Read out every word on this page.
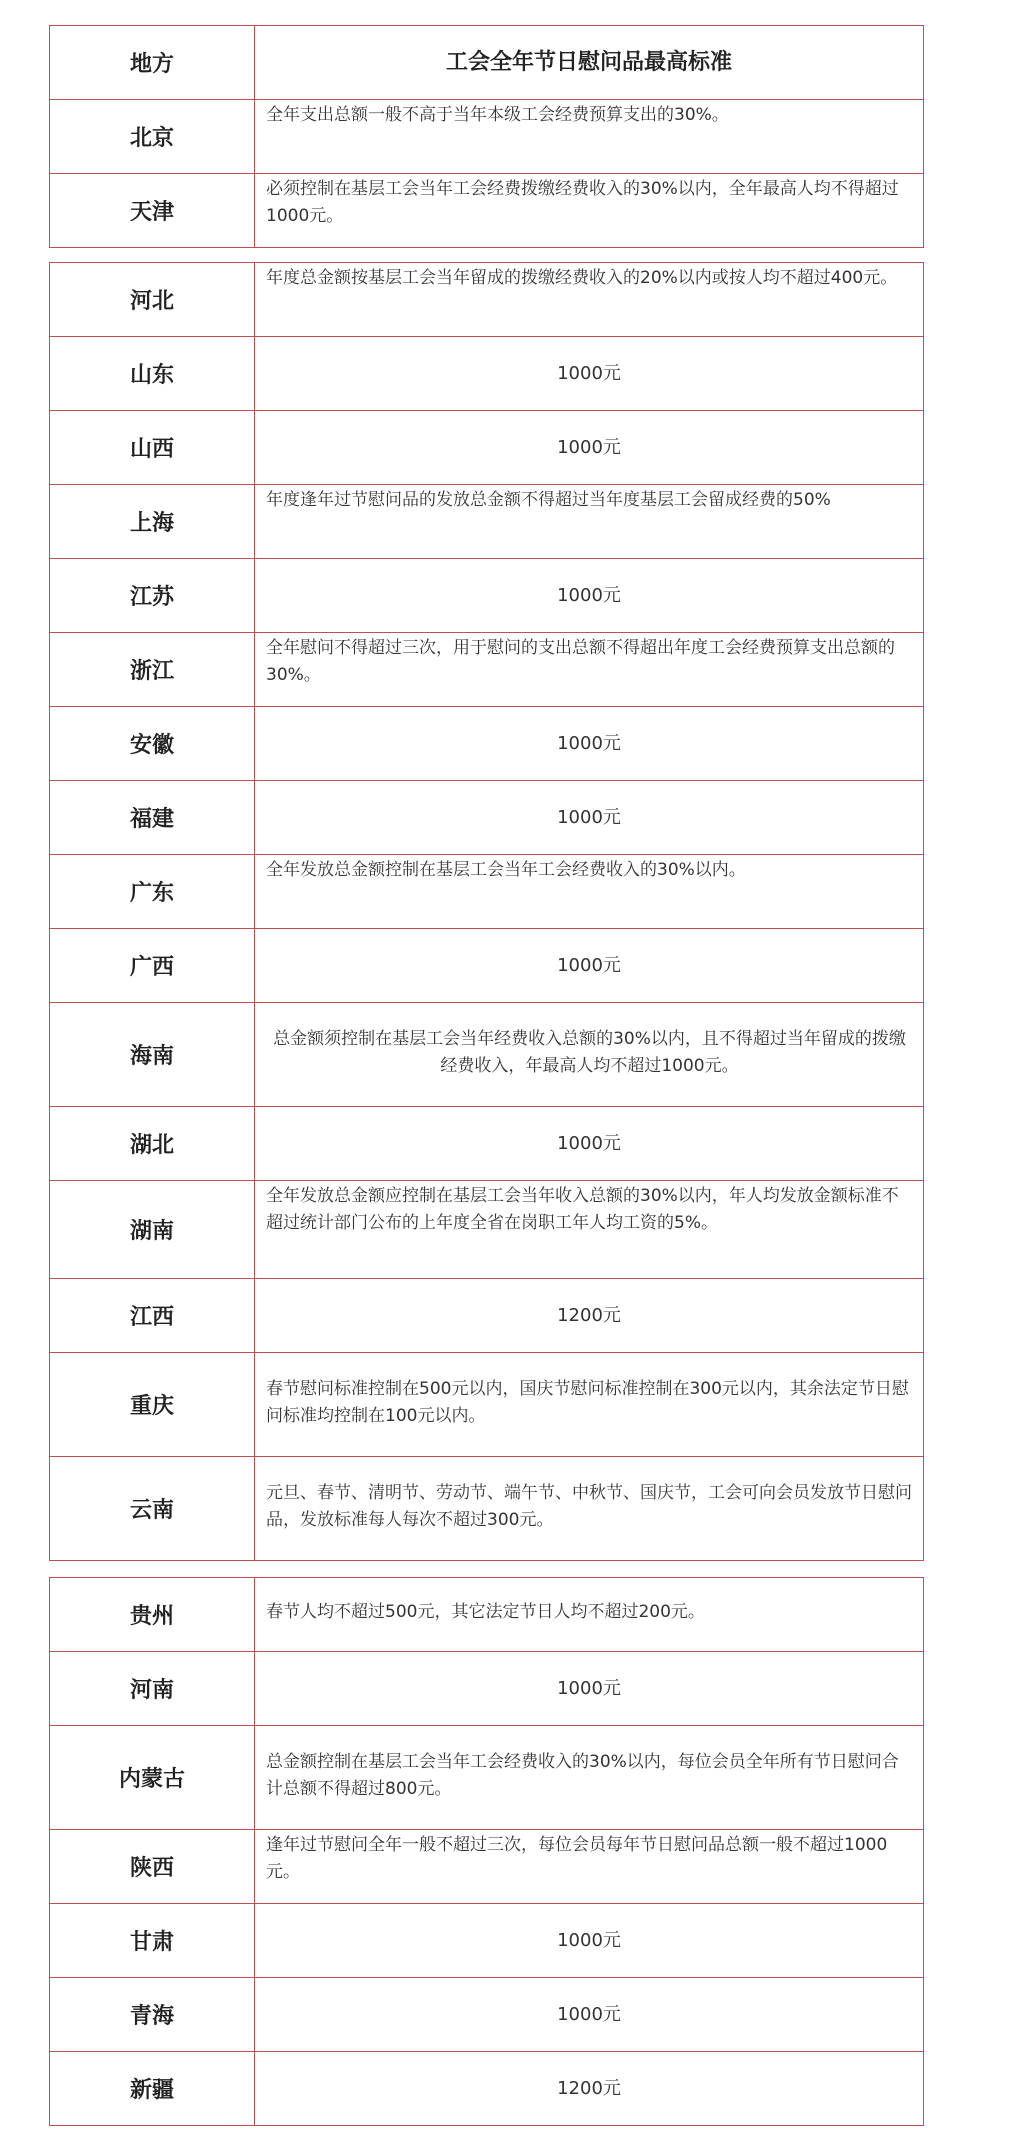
地方	工会全年节日慰问品最高标准
北京	全年支出总额一般不高于当年本级工会经费预算支出的30%。
天津	必须控制在基层工会当年工会经费拨缴经费收入的30%以内，全年最高人均不得超过1000元。
河北	年度总金额按基层工会当年留成的拨缴经费收入的20%以内或按人均不超过400元。
山东	1000元
山西	1000元
上海	年度逢年过节慰问品的发放总金额不得超过当年度基层工会留成经费的50%
江苏	1000元
浙江	全年慰问不得超过三次，用于慰问的支出总额不得超出年度工会经费预算支出总额的30%。
安徽	1000元
福建	1000元
广东	全年发放总金额控制在基层工会当年工会经费收入的30%以内。
广西	1000元
海南	总金额须控制在基层工会当年经费收入总额的30%以内，且不得超过当年留成的拨缴经费收入，年最高人均不超过1000元。
湖北	1000元
湖南	全年发放总金额应控制在基层工会当年收入总额的30%以内，年人均发放金额标准不超过统计部门公布的上年度全省在岗职工年人均工资的5%。
江西	1200元
重庆	春节慰问标准控制在500元以内，国庆节慰问标准控制在300元以内，其余法定节日慰问标准均控制在100元以内。
云南	元旦、春节、清明节、劳动节、端午节、中秋节、国庆节，工会可向会员发放节日慰问品，发放标准每人每次不超过300元。
贵州	春节人均不超过500元，其它法定节日人均不超过200元。
河南	1000元
内蒙古	总金额控制在基层工会当年工会经费收入的30%以内，每位会员全年所有节日慰问合计总额不得超过800元。
陕西	逢年过节慰问全年一般不超过三次，每位会员每年节日慰问品总额一般不超过1000元。
甘肃	1000元
青海	1000元
新疆	1200元
